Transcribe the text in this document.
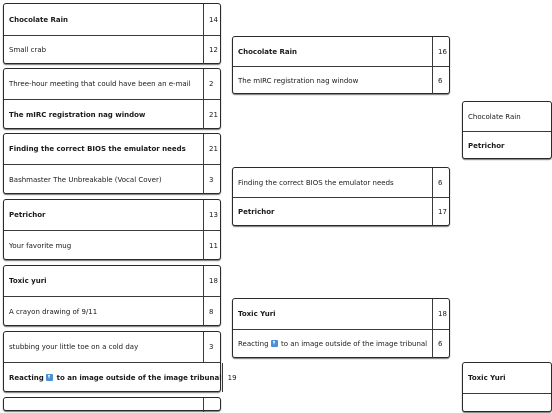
Chocolate Rain	14
Small crab	12
Three-hour meeting that could have been an e-mail	2
The mIRC registration nag window	21
Finding the correct BIOS the emulator needs	21
Bashmaster The Unbreakable (Vocal Cover)	3
Petrichor	13
Your favorite mug	11
Toxic yuri	18
A crayon drawing of 9/11	8
stubbing your little toe on a cold day	3
Reacting  to an image outside of the image tribunal 19
Chocolate Rain	16
The mIRC registration nag window	6
Finding the correct BIOS the emulator needs	6
Petrichor	17
Toxic Yuri	18
Reacting  to an image outside of the image tribunal	6
Chocolate Rain
Petrichor
Toxic Yuri
